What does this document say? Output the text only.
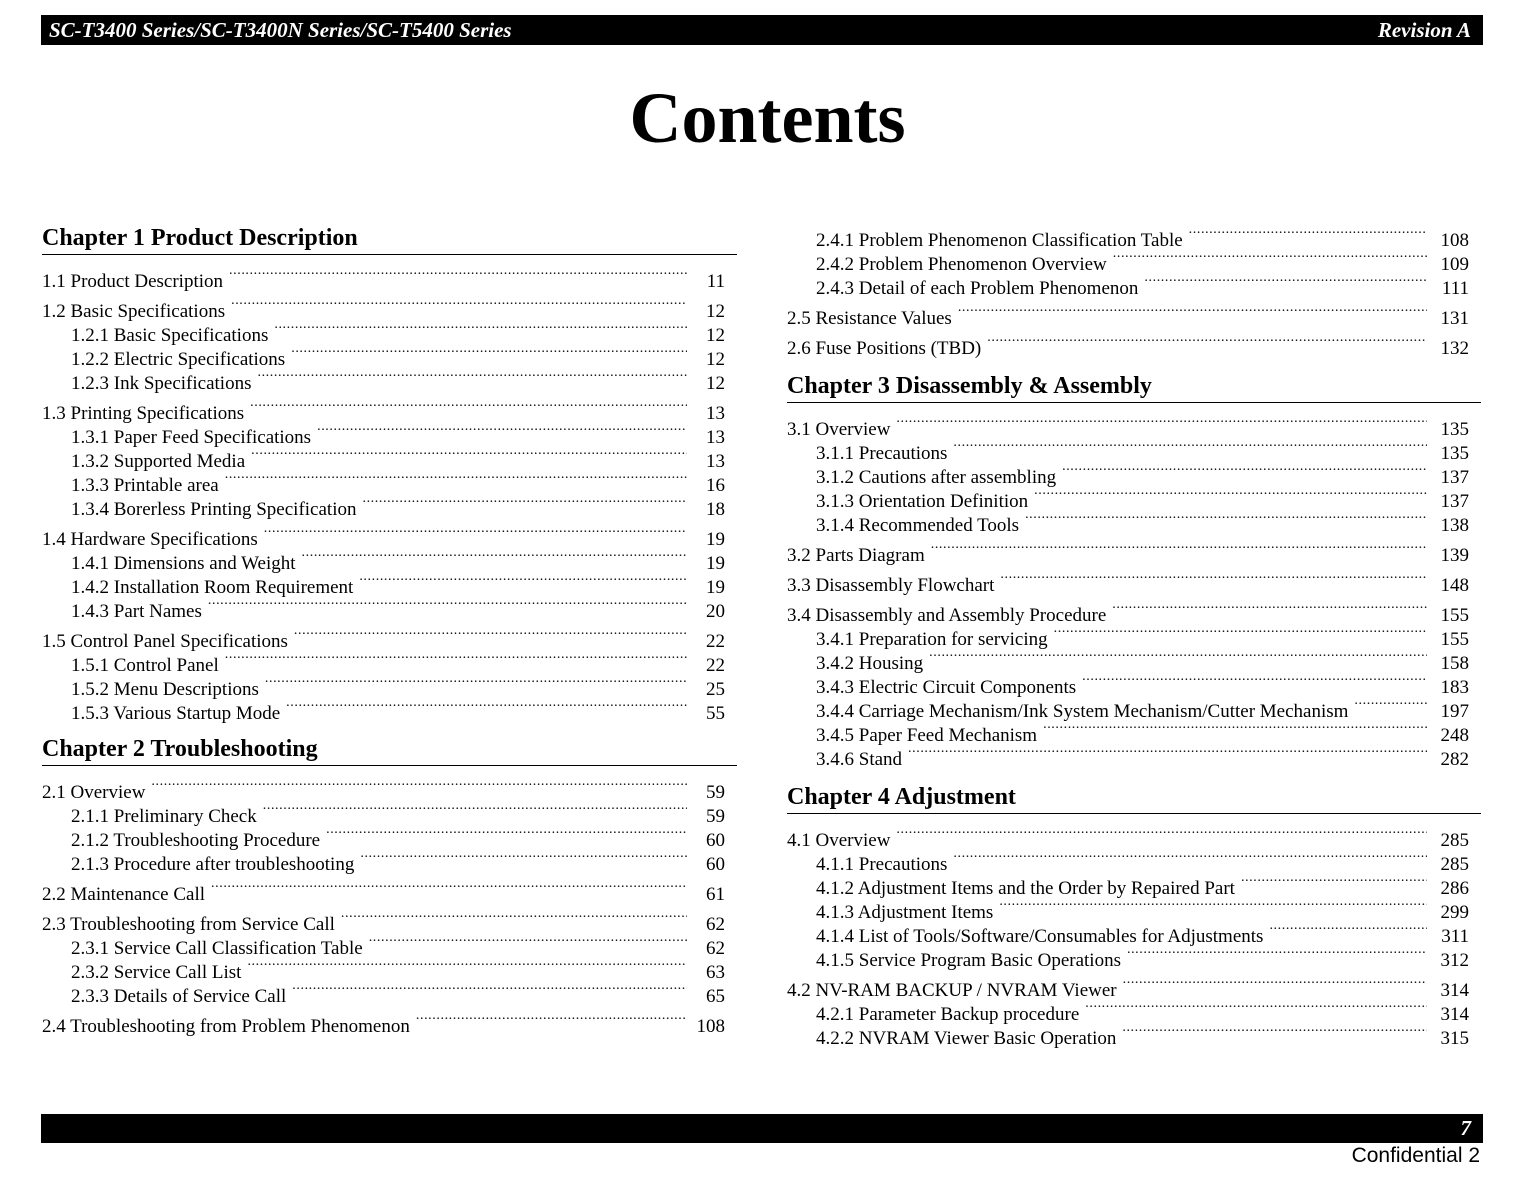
SC-T3400 Series/SC-T3400N Series/SC-T5400 Series	Revision A
Contents
Chapter 1 Product Description
1.1 Product Description .....	11
1.2 Basic Specifications .....	12
1.2.1 Basic Specifications .....	12
1.2.2 Electric Specifications .....	12
1.2.3 Ink Specifications .....	12
1.3 Printing Specifications .....	13
1.3.1 Paper Feed Specifications .....	13
1.3.2 Supported Media .....	13
1.3.3 Printable area .....	16
1.3.4 Borerless Printing Specification .....	18
1.4 Hardware Specifications .....	19
1.4.1 Dimensions and Weight .....	19
1.4.2 Installation Room Requirement .....	19
1.4.3 Part Names .....	20
1.5 Control Panel Specifications .....	22
1.5.1 Control Panel .....	22
1.5.2 Menu Descriptions .....	25
1.5.3 Various Startup Mode .....	55
Chapter 2 Troubleshooting
2.1 Overview .....	59
2.1.1 Preliminary Check .....	59
2.1.2 Troubleshooting Procedure .....	60
2.1.3 Procedure after troubleshooting .....	60
2.2 Maintenance Call .....	61
2.3 Troubleshooting from Service Call .....	62
2.3.1 Service Call Classification Table .....	62
2.3.2 Service Call List .....	63
2.3.3 Details of Service Call .....	65
2.4 Troubleshooting from Problem Phenomenon .....	108
2.4.1 Problem Phenomenon Classification Table .....	108
2.4.2 Problem Phenomenon Overview .....	109
2.4.3 Detail of each Problem Phenomenon .....	111
2.5 Resistance Values .....	131
2.6 Fuse Positions (TBD) .....	132
Chapter 3 Disassembly & Assembly
3.1 Overview .....	135
3.1.1 Precautions .....	135
3.1.2 Cautions after assembling .....	137
3.1.3 Orientation Definition .....	137
3.1.4 Recommended Tools .....	138
3.2 Parts Diagram .....	139
3.3 Disassembly Flowchart .....	148
3.4 Disassembly and Assembly Procedure .....	155
3.4.1 Preparation for servicing .....	155
3.4.2 Housing .....	158
3.4.3 Electric Circuit Components .....	183
3.4.4 Carriage Mechanism/Ink System Mechanism/Cutter Mechanism .....	197
3.4.5 Paper Feed Mechanism .....	248
3.4.6 Stand .....	282
Chapter 4 Adjustment
4.1 Overview .....	285
4.1.1 Precautions .....	285
4.1.2 Adjustment Items and the Order by Repaired Part .....	286
4.1.3 Adjustment Items .....	299
4.1.4 List of Tools/Software/Consumables for Adjustments .....	311
4.1.5 Service Program Basic Operations .....	312
4.2 NV-RAM BACKUP / NVRAM Viewer .....	314
4.2.1 Parameter Backup procedure .....	314
4.2.2 NVRAM Viewer Basic Operation .....	315
7
Confidential 2
